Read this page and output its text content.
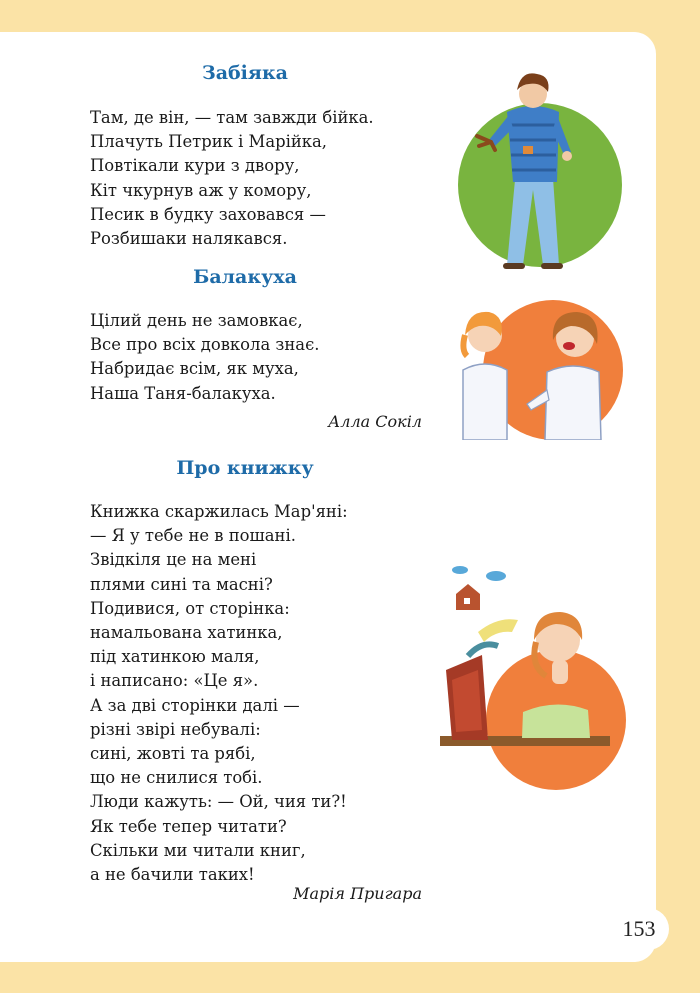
Забіяка
Там, де він, — там завжди бійка.
Плачуть Петрик і Марійка,
Повтікали кури з двору,
Кіт чкурнув аж у комору,
Песик в будку заховався —
Розбишаки налякався.
Балакуха
Цілий день не замовкає,
Все про всіх довкола знає.
Набридає всім, як муха,
Наша Таня-балакуха.
Алла Сокіл
Про книжку
Книжка скаржилась Мар'яні:
— Я у тебе не в пошані.
Звідкіля це на мені
плями сині та масні?
Подивися, от сторінка:
намальована хатинка,
під хатинкою маля,
і написано: «Це я».
А за дві сторінки далі —
різні звірі небувалі:
сині, жовті та рябі,
що не снилися тобі.
Люди кажуть: — Ой, чия ти?!
Як тебе тепер читати?
Скільки ми читали книг,
а не бачили таких!
Марія Пригара
153
